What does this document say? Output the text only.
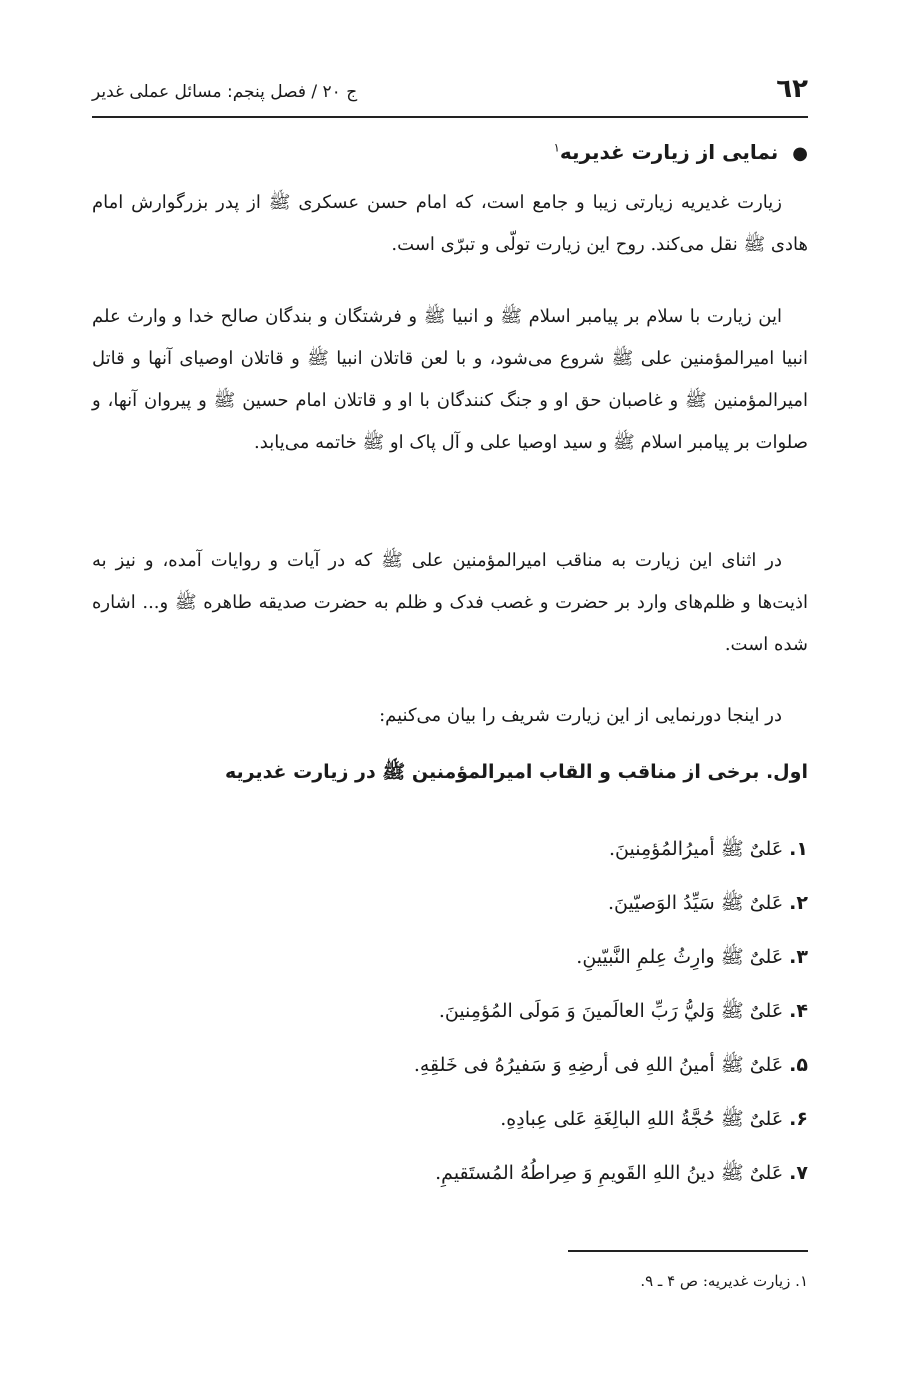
٦٢
ج ۲۰ / فصل پنجم: مسائل عملی غدیر
●نمایی از زیارت غدیریه$^۱$

زیارت غدیریه زیارتی زیبا و جامع است، که امام حسن عسکری ﷺ از پدر بزرگوارش امام هادی ﷺ نقل می‌کند. روح این زیارت تولّی و تبرّی است.

این زیارت با سلام بر پیامبر اسلام ﷺ و انبیا ﷺ و فرشتگان و بندگان صالح خدا و وارث علم انبیا امیرالمؤمنین علی ﷺ شروع می‌شود، و با لعن قاتلان انبیا ﷺ و قاتلان اوصیای آنها و قاتل امیرالمؤمنین ﷺ و غاصبان حق او و جنگ کنندگان با او و قاتلان امام حسین ﷺ و پیروان آنها، و صلوات بر پیامبر اسلام ﷺ و سید اوصیا علی و آل پاک او ﷺ خاتمه می‌یابد.

در اثنای این زیارت به مناقب امیرالمؤمنین علی ﷺ که در آیات و روایات آمده، و نیز به اذیت‌ها و ظلم‌های وارد بر حضرت و غصب فدک و ظلم به حضرت صدیقه طاهره ﷺ و... اشاره شده است.

در اینجا دورنمایی از این زیارت شریف را بیان می‌کنیم:

اول. برخی از مناقب و القاب امیرالمؤمنین ﷺ در زیارت غدیریه
۱.عَلیٌ ﷺ أميرُالمُؤمِنينَ.
۲.عَلیٌ ﷺ سَيِّدُ الوَصيّينَ.
۳.عَلیٌ ﷺ وارِثُ عِلمِ النَّبيّينِ.
۴.عَلیٌ ﷺ وَليُّ رَبِّ العالَمينَ وَ مَولَی المُؤمِنينَ.
۵.عَلیٌ ﷺ أمينُ اللهِ فی أرضِهِ وَ سَفيرُهُ فی خَلقِهِ.
۶.عَلیٌ ﷺ حُجَّةُ اللهِ البالِغَةِ عَلی عِبادِهِ.
۷.عَلیٌ ﷺ دينُ اللهِ القَويمِ وَ صِراطُهُ المُستَقيمِ.
۱. زیارت غدیریه: ص ۴ ـ ۹.
